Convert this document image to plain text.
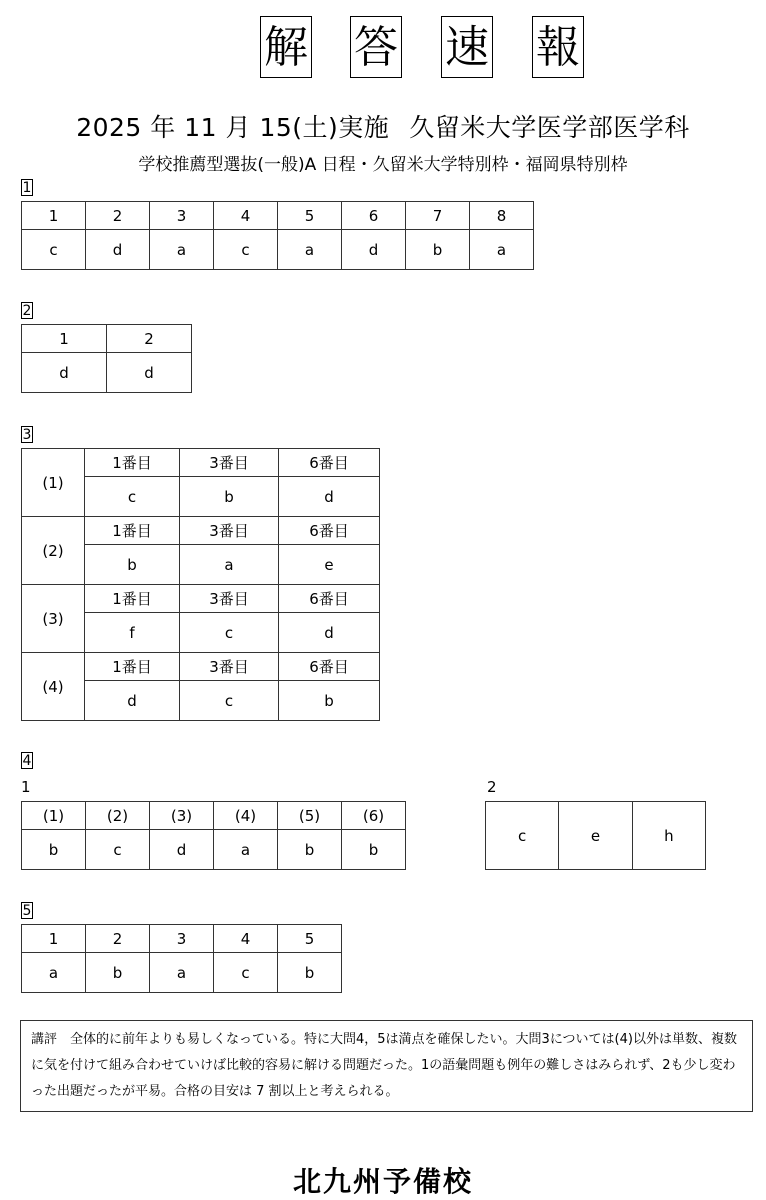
解 答 速 報
2025 年 11 月 15(土)実施 久留米大学医学部医学科
学校推薦型選抜(一般)A 日程・久留米大学特別枠・福岡県特別枠
1
1	2	3	4	5	6	7	8
c	d	a	c	a	d	b	a
2
1	2
d	d
3
(1)	1番目	3番目	6番目
	c	b	d
(2)	1番目	3番目	6番目
	b	a	e
(3)	1番目	3番目	6番目
	f	c	d
(4)	1番目	3番目	6番目
	d	c	b
4
1
(1)	(2)	(3)	(4)	(5)	(6)
b	c	d	a	b	b
2
c	e	h
5
1	2	3	4	5
a	b	a	c	b
講評　全体的に前年よりも易しくなっている。特に大問4，5は満点を確保したい。大問3については(4)以外は単数、複数に気を付けて組み合わせていけば比較的容易に解ける問題だった。1の語彙問題も例年の難しさはみられず、2も少し変わった出題だったが平易。合格の目安は 7 割以上と考えられる。
北九州予備校
